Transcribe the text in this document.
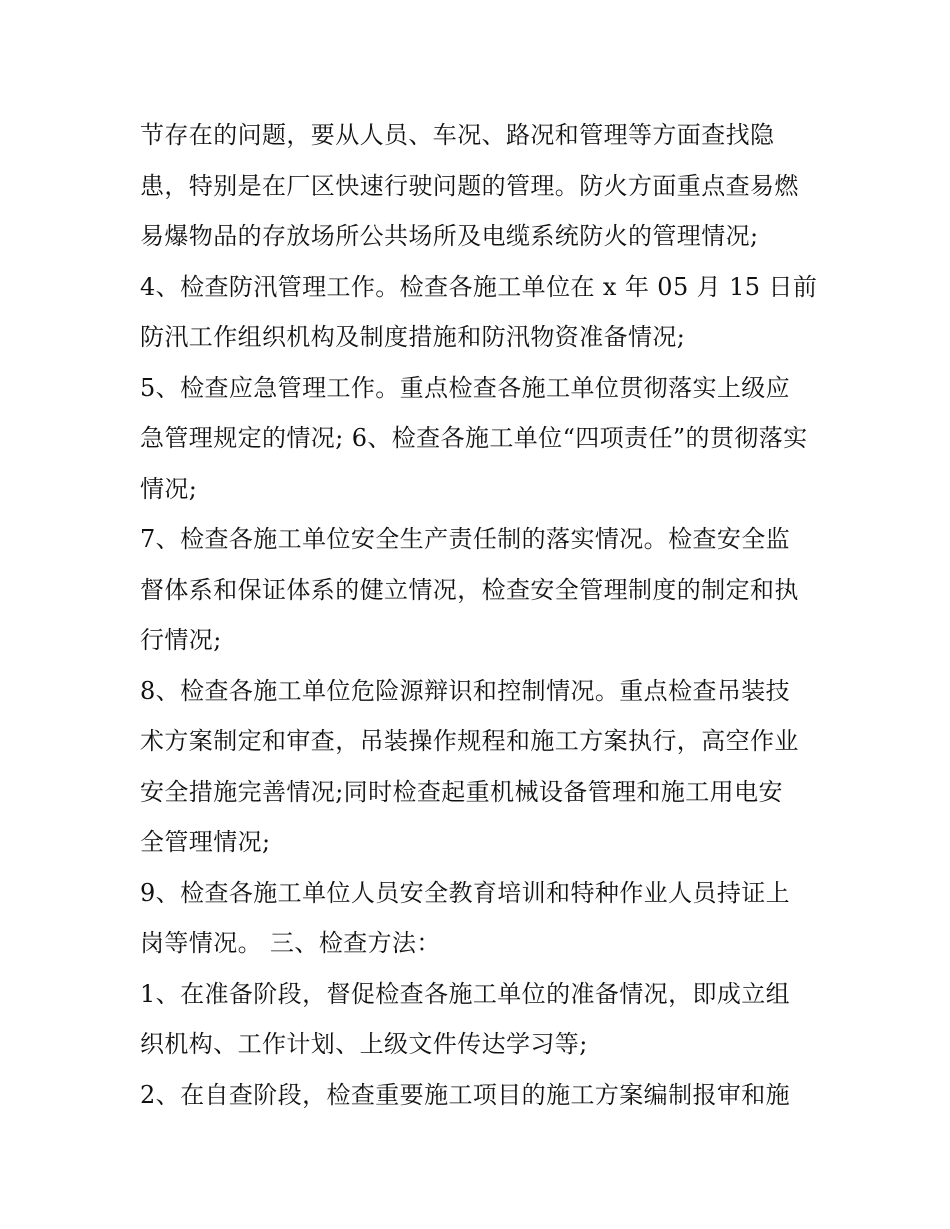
节存在的问题，要从人员、车况、路况和管理等方面查找隐
患，特别是在厂区快速行驶问题的管理。防火方面重点查易燃
易爆物品的存放场所公共场所及电缆系统防火的管理情况;
4、检查防汛管理工作。检查各施工单位在 x 年 05 月 15 日前
防汛工作组织机构及制度措施和防汛物资准备情况;
5、检查应急管理工作。重点检查各施工单位贯彻落实上级应
急管理规定的情况; 6、检查各施工单位“四项责任”的贯彻落实
情况;
7、检查各施工单位安全生产责任制的落实情况。检查安全监
督体系和保证体系的健立情况，检查安全管理制度的制定和执
行情况;
8、检查各施工单位危险源辩识和控制情况。重点检查吊装技
术方案制定和审查，吊装操作规程和施工方案执行，高空作业
安全措施完善情况;同时检查起重机械设备管理和施工用电安
全管理情况;
9、检查各施工单位人员安全教育培训和特种作业人员持证上
岗等情况。 三、检查方法：
1、在准备阶段，督促检查各施工单位的准备情况，即成立组
织机构、工作计划、上级文件传达学习等;
2、在自查阶段，检查重要施工项目的施工方案编制报审和施
